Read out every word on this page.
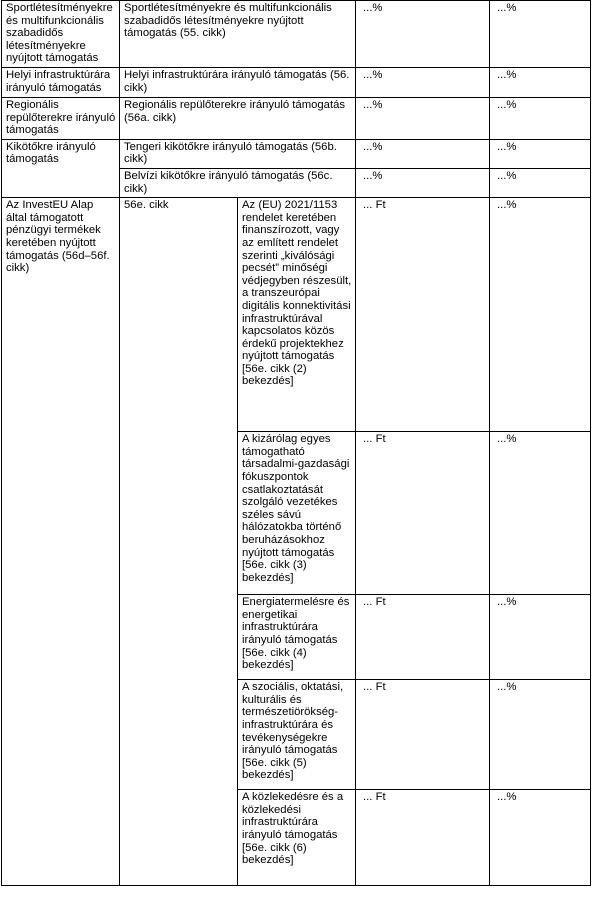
Sportlétesítményekre és multifunkcionális szabadidős létesítményekre nyújtott támogatás	Sportlétesítményekre és multifunkcionális szabadidős létesítményekre nyújtott támogatás (55. cikk)		...%	...%
Helyi infrastruktúrára irányuló támogatás	Helyi infrastruktúrára irányuló támogatás (56. cikk)		...%	...%
Regionális repülőterekre irányuló támogatás	Regionális repülőterekre irányuló támogatás (56a. cikk)		...%	...%
Kikötőkre irányuló támogatás	Tengeri kikötőkre irányuló támogatás (56b. cikk)		...%	...%
	Belvízi kikötőkre irányuló támogatás (56c. cikk)		...%	...%
Az InvestEU Alap által támogatott pénzügyi termékek keretében nyújtott támogatás (56d–56f. cikk)	56e. cikk	Az (EU) 2021/1153 rendelet keretében finanszírozott, vagy az említett rendelet szerinti „kiválósági pecsét” minőségi védjegyben részesült, a transzeurópai digitális konnektivitási infrastruktúrával kapcsolatos közös érdekű projektekhez nyújtott támogatás [56e. cikk (2) bekezdés]	... Ft	...%
		A kizárólag egyes támogatható társadalmi-gazdasági fókuszpontok csatlakoztatását szolgáló vezetékes széles sávú hálózatokba történő beruházásokhoz nyújtott támogatás [56e. cikk (3) bekezdés]	... Ft	...%
		Energiatermelésre és energetikai infrastruktúrára irányuló támogatás [56e. cikk (4) bekezdés]	... Ft	...%
		A szociális, oktatási, kulturális és természetiörökség-infrastruktúrára és tevékenységekre irányuló támogatás [56e. cikk (5) bekezdés]	... Ft	...%
		A közlekedésre és a közlekedési infrastruktúrára irányuló támogatás [56e. cikk (6) bekezdés]	... Ft	...%
